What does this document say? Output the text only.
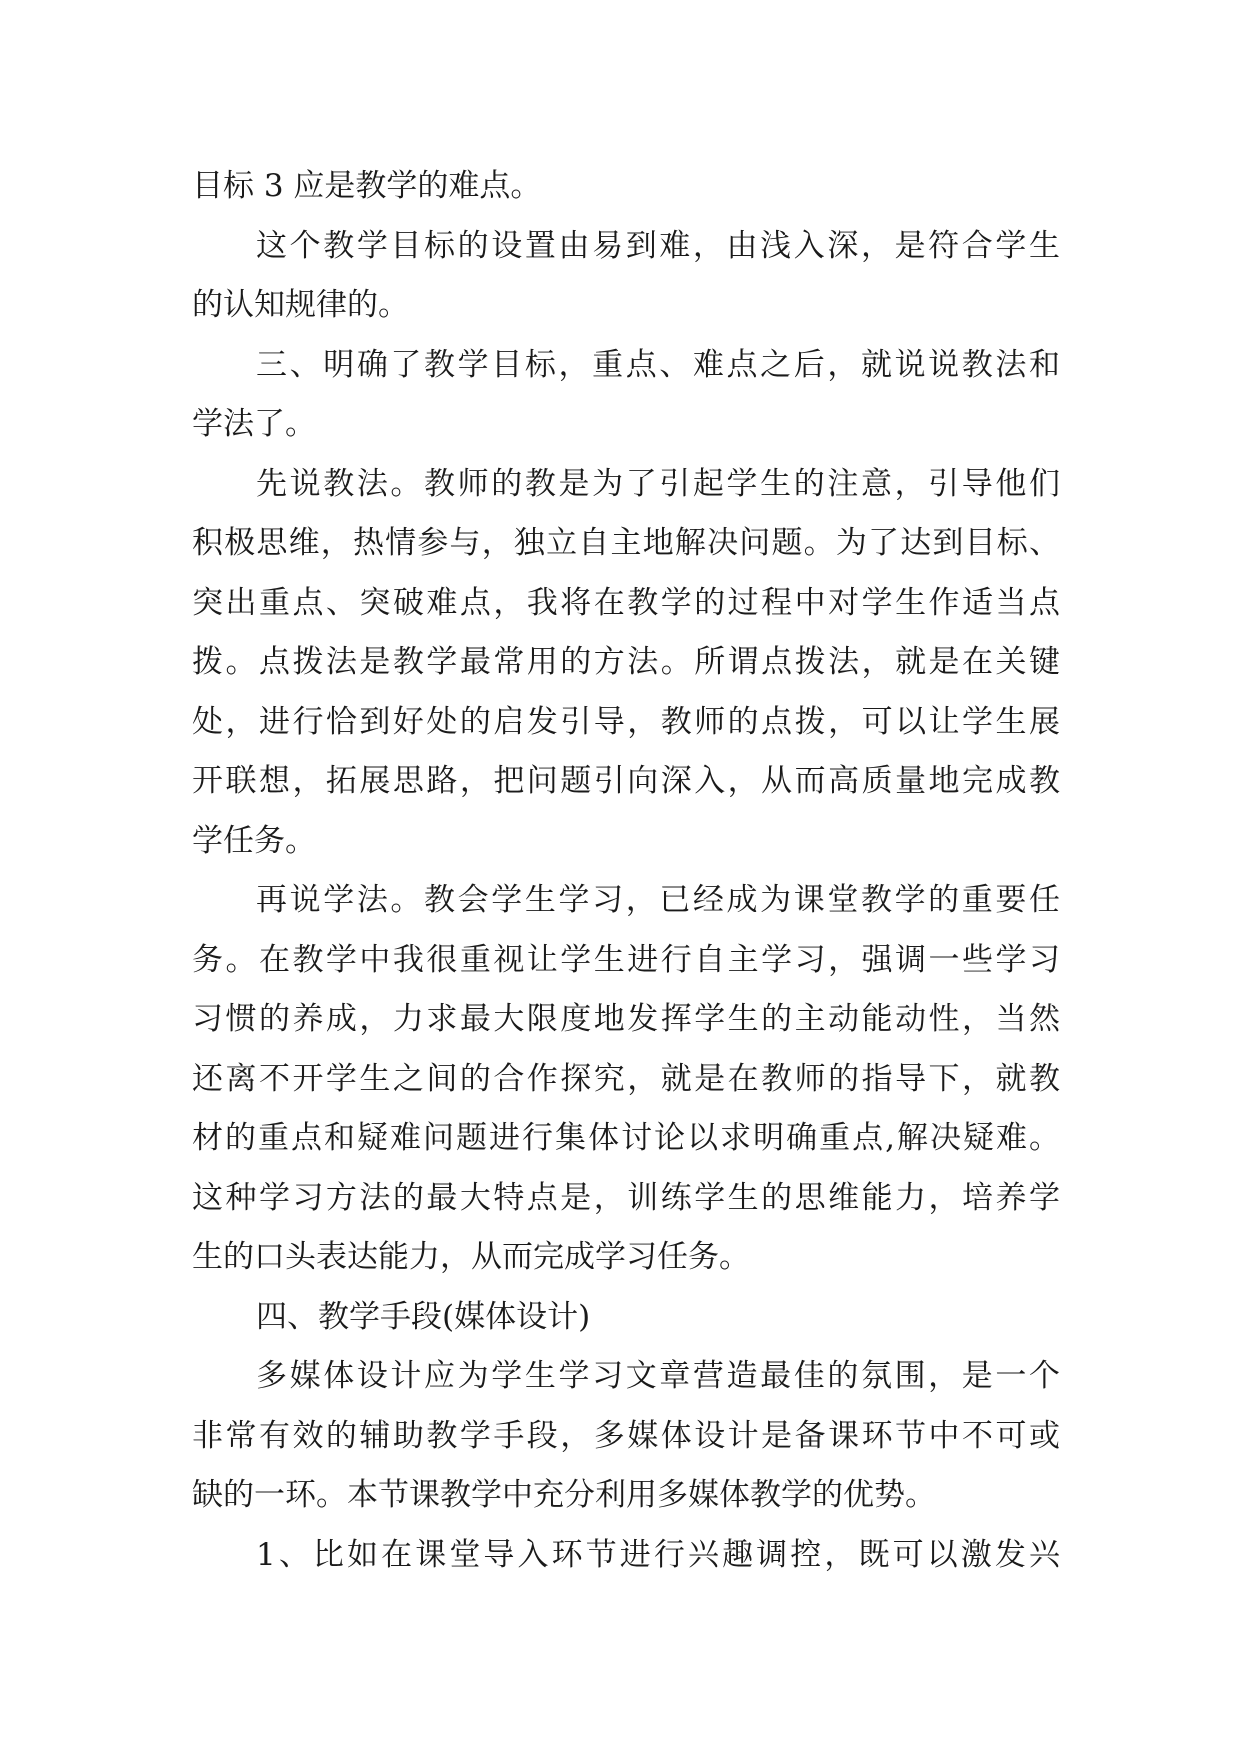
目标 3 应是教学的难点。
这个教学目标的设置由易到难，由浅入深，是符合学生
的认知规律的。
三、明确了教学目标，重点、难点之后，就说说教法和
学法了。
先说教法。教师的教是为了引起学生的注意，引导他们
积极思维，热情参与，独立自主地解决问题。为了达到目标、
突出重点、突破难点，我将在教学的过程中对学生作适当点
拨。点拨法是教学最常用的方法。所谓点拨法，就是在关键
处，进行恰到好处的启发引导，教师的点拨，可以让学生展
开联想，拓展思路，把问题引向深入，从而高质量地完成教
学任务。
再说学法。教会学生学习，已经成为课堂教学的重要任
务。在教学中我很重视让学生进行自主学习，强调一些学习
习惯的养成，力求最大限度地发挥学生的主动能动性，当然
还离不开学生之间的合作探究，就是在教师的指导下，就教
材的重点和疑难问题进行集体讨论以求明确重点,解决疑难。
这种学习方法的最大特点是，训练学生的思维能力，培养学
生的口头表达能力，从而完成学习任务。
四、教学手段(媒体设计)
多媒体设计应为学生学习文章营造最佳的氛围，是一个
非常有效的辅助教学手段，多媒体设计是备课环节中不可或
缺的一环。本节课教学中充分利用多媒体教学的优势。
1、比如在课堂导入环节进行兴趣调控，既可以激发兴
